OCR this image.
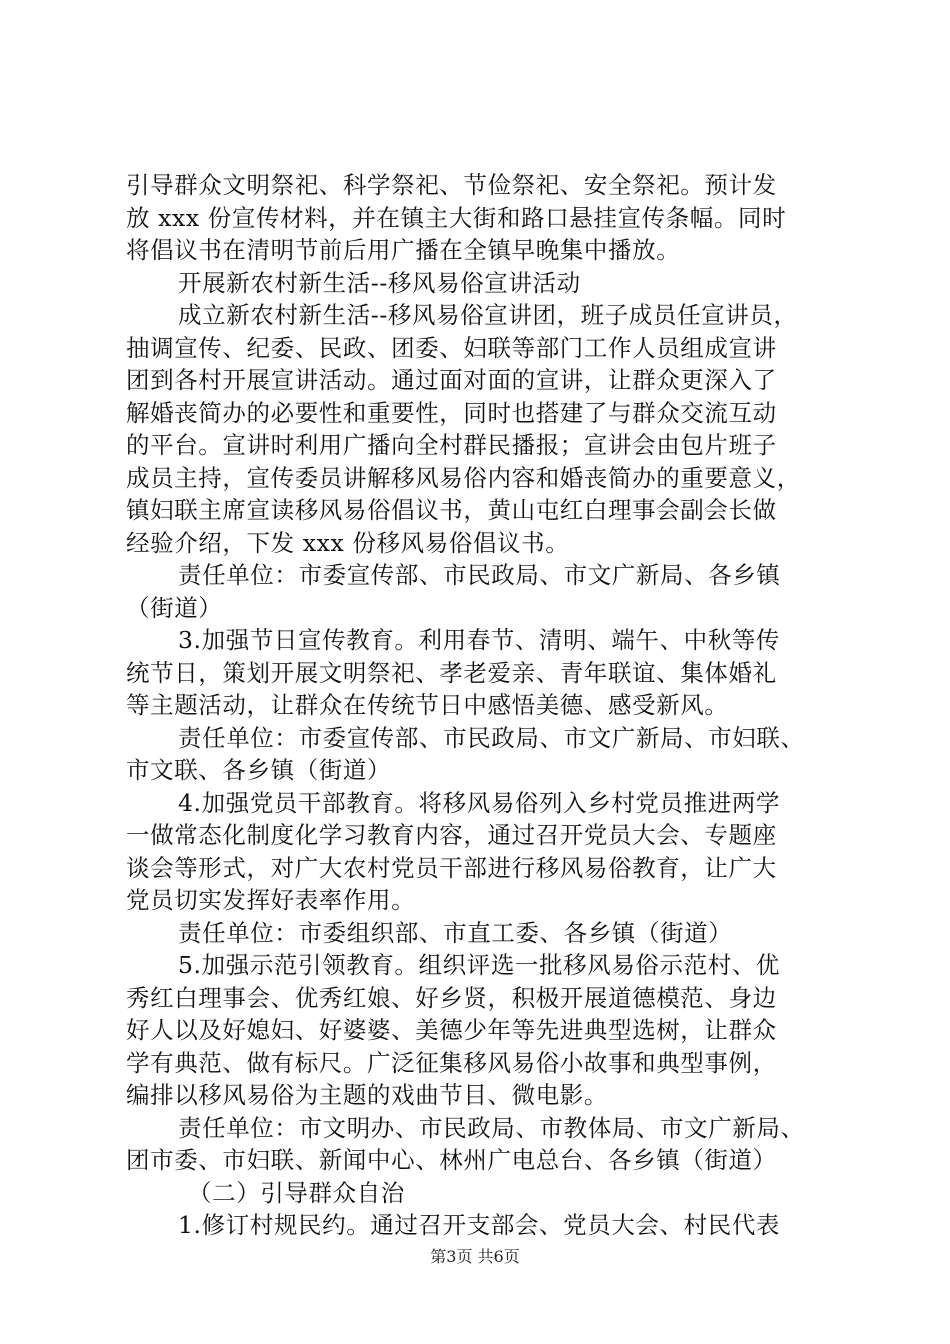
引导群众文明祭祀、科学祭祀、节俭祭祀、安全祭祀。预计发
放 xxx 份宣传材料，并在镇主大街和路口悬挂宣传条幅。同时
将倡议书在清明节前后用广播在全镇早晚集中播放。
开展新农村新生活--移风易俗宣讲活动
成立新农村新生活--移风易俗宣讲团，班子成员任宣讲员，
抽调宣传、纪委、民政、团委、妇联等部门工作人员组成宣讲
团到各村开展宣讲活动。通过面对面的宣讲，让群众更深入了
解婚丧简办的必要性和重要性，同时也搭建了与群众交流互动
的平台。宣讲时利用广播向全村群民播报；宣讲会由包片班子
成员主持，宣传委员讲解移风易俗内容和婚丧简办的重要意义，
镇妇联主席宣读移风易俗倡议书，黄山屯红白理事会副会长做
经验介绍，下发 xxx 份移风易俗倡议书。
责任单位：市委宣传部、市民政局、市文广新局、各乡镇
（街道）
3.加强节日宣传教育。利用春节、清明、端午、中秋等传
统节日，策划开展文明祭祀、孝老爱亲、青年联谊、集体婚礼
等主题活动，让群众在传统节日中感悟美德、感受新风。
责任单位：市委宣传部、市民政局、市文广新局、市妇联、
市文联、各乡镇（街道）
4.加强党员干部教育。将移风易俗列入乡村党员推进两学
一做常态化制度化学习教育内容，通过召开党员大会、专题座
谈会等形式，对广大农村党员干部进行移风易俗教育，让广大
党员切实发挥好表率作用。
责任单位：市委组织部、市直工委、各乡镇（街道）
5.加强示范引领教育。组织评选一批移风易俗示范村、优
秀红白理事会、优秀红娘、好乡贤，积极开展道德模范、身边
好人以及好媳妇、好婆婆、美德少年等先进典型选树，让群众
学有典范、做有标尺。广泛征集移风易俗小故事和典型事例，
编排以移风易俗为主题的戏曲节目、微电影。
责任单位：市文明办、市民政局、市教体局、市文广新局、
团市委、市妇联、新闻中心、林州广电总台、各乡镇（街道）
（二）引导群众自治
1.修订村规民约。通过召开支部会、党员大会、村民代表
第3页 共6页
